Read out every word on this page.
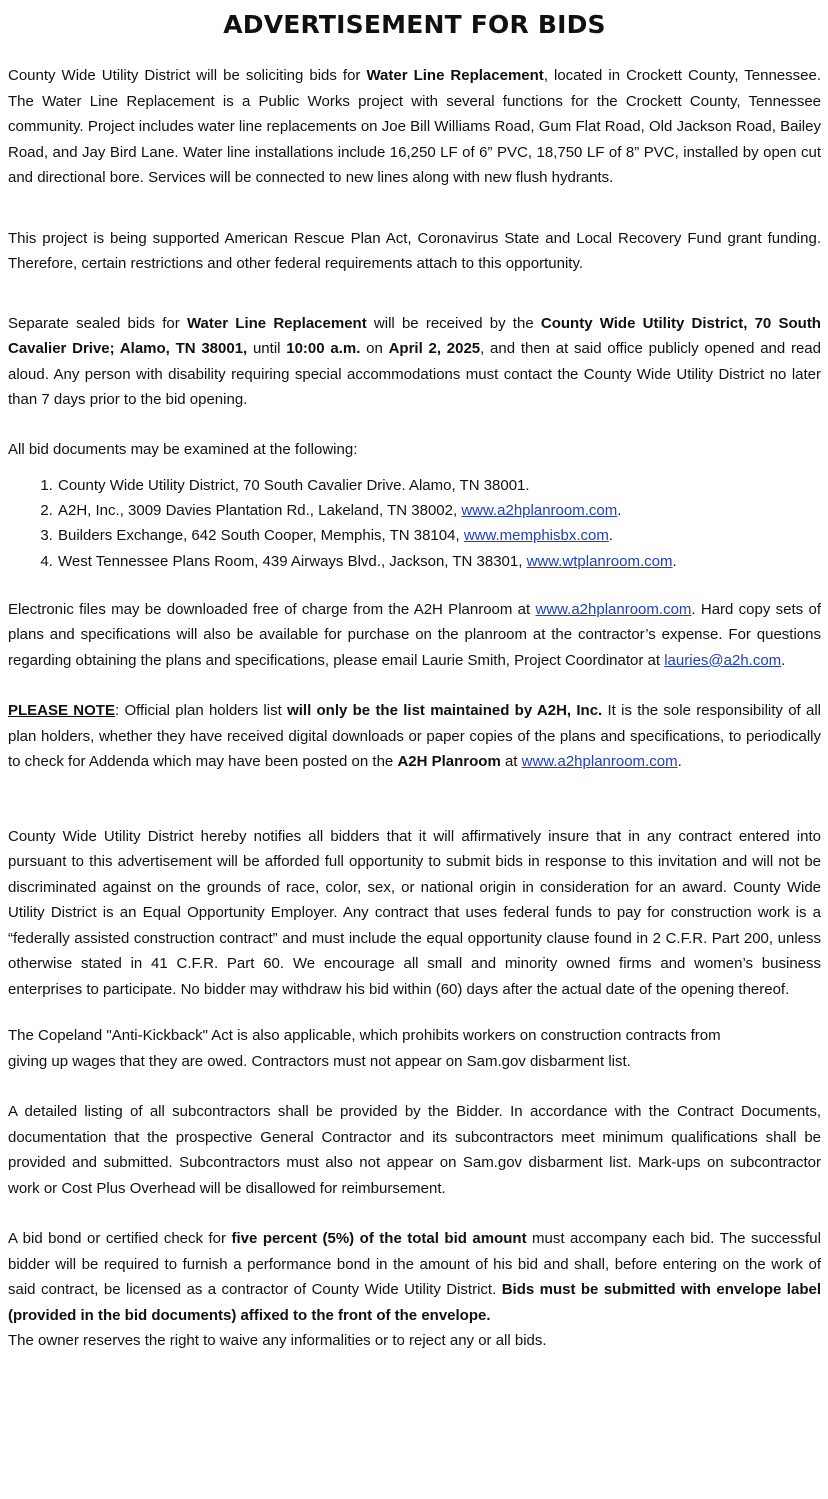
ADVERTISEMENT FOR BIDS

County Wide Utility District will be soliciting bids for Water Line Replacement, located in Crockett County, Tennessee. The Water Line Replacement is a Public Works project with several functions for the Crockett County, Tennessee community. Project includes water line replacements on Joe Bill Williams Road, Gum Flat Road, Old Jackson Road, Bailey Road, and Jay Bird Lane. Water line installations include 16,250 LF of 6” PVC, 18,750 LF of 8” PVC, installed by open cut and directional bore. Services will be connected to new lines along with new flush hydrants.

This project is being supported American Rescue Plan Act, Coronavirus State and Local Recovery Fund grant funding. Therefore, certain restrictions and other federal requirements attach to this opportunity.

Separate sealed bids for Water Line Replacement will be received by the County Wide Utility District, 70 South Cavalier Drive; Alamo, TN 38001, until 10:00 a.m. on April 2, 2025, and then at said office publicly opened and read aloud. Any person with disability requiring special accommodations must contact the County Wide Utility District no later than 7 days prior to the bid opening.

All bid documents may be examined at the following:

1. County Wide Utility District, 70 South Cavalier Drive. Alamo, TN 38001.
2. A2H, Inc., 3009 Davies Plantation Rd., Lakeland, TN 38002, www.a2hplanroom.com.
3. Builders Exchange, 642 South Cooper, Memphis, TN 38104, www.memphisbx.com.
4. West Tennessee Plans Room, 439 Airways Blvd., Jackson, TN 38301, www.wtplanroom.com.

Electronic files may be downloaded free of charge from the A2H Planroom at www.a2hplanroom.com. Hard copy sets of plans and specifications will also be available for purchase on the planroom at the contractor’s expense. For questions regarding obtaining the plans and specifications, please email Laurie Smith, Project Coordinator at lauries@a2h.com.

PLEASE NOTE: Official plan holders list will only be the list maintained by A2H, Inc. It is the sole responsibility of all plan holders, whether they have received digital downloads or paper copies of the plans and specifications, to periodically to check for Addenda which may have been posted on the A2H Planroom at www.a2hplanroom.com.

County Wide Utility District hereby notifies all bidders that it will affirmatively insure that in any contract entered into pursuant to this advertisement will be afforded full opportunity to submit bids in response to this invitation and will not be discriminated against on the grounds of race, color, sex, or national origin in consideration for an award. County Wide Utility District is an Equal Opportunity Employer. Any contract that uses federal funds to pay for construction work is a “federally assisted construction contract” and must include the equal opportunity clause found in 2 C.F.R. Part 200, unless otherwise stated in 41 C.F.R. Part 60. We encourage all small and minority owned firms and women’s business enterprises to participate. No bidder may withdraw his bid within (60) days after the actual date of the opening thereof.

The Copeland "Anti-Kickback" Act is also applicable, which prohibits workers on construction contracts from
giving up wages that they are owed. Contractors must not appear on Sam.gov disbarment list.

A detailed listing of all subcontractors shall be provided by the Bidder. In accordance with the Contract Documents, documentation that the prospective General Contractor and its subcontractors meet minimum qualifications shall be provided and submitted. Subcontractors must also not appear on Sam.gov disbarment list. Mark-ups on subcontractor work or Cost Plus Overhead will be disallowed for reimbursement.

A bid bond or certified check for five percent (5%) of the total bid amount must accompany each bid. The successful bidder will be required to furnish a performance bond in the amount of his bid and shall, before entering on the work of said contract, be licensed as a contractor of County Wide Utility District. Bids must be submitted with envelope label (provided in the bid documents) affixed to the front of the envelope.

The owner reserves the right to waive any informalities or to reject any or all bids.
